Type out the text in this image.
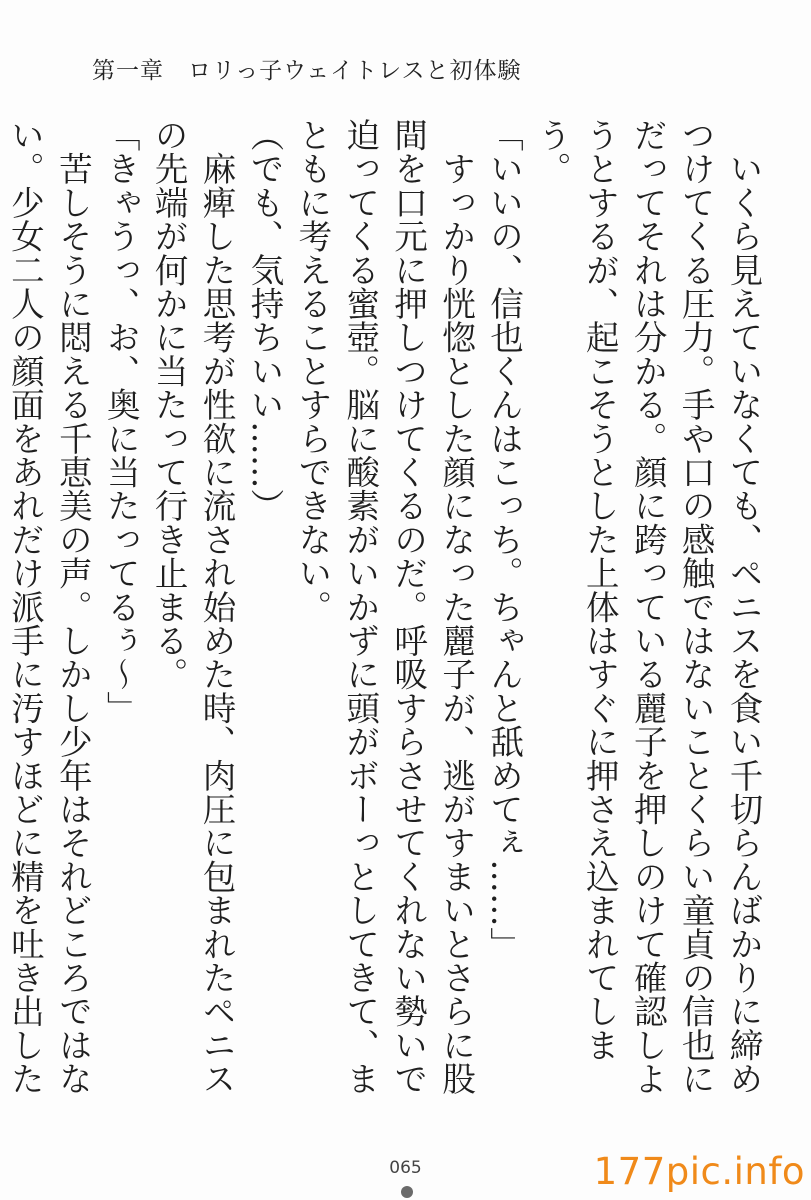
第一章　ロリっ子ウェイトレスと初体験

　いくら見えていなくても、ペニスを食い千切らんばかりに締めつけてくる圧力。手や口の感触ではないことくらい童貞の信也にだってそれは分かる。顔に跨っている麗子を押しのけて確認しようとするが、起こそうとした上体はすぐに押さえ込まれてしまう。

「いいの、信也くんはこっち。ちゃんと舐めてぇ……」

　すっかり恍惚とした顔になった麗子が、逃がすまいとさらに股間を口元に押しつけてくるのだ。呼吸すらさせてくれない勢いで迫ってくる蜜壺。脳に酸素がいかずに頭がボーっとしてきて、まともに考えることすらできない。

（でも、気持ちいい……）

　麻痺した思考が性欲に流され始めた時、肉圧に包まれたペニスの先端が何かに当たって行き止まる。

「きゃうっ、お、奥に当たってるぅ～」

　苦しそうに悶える千恵美の声。しかし少年はそれどころではない。少女二人の顔面をあれだけ派手に汚すほどに精を吐き出した

065	177pic.info
